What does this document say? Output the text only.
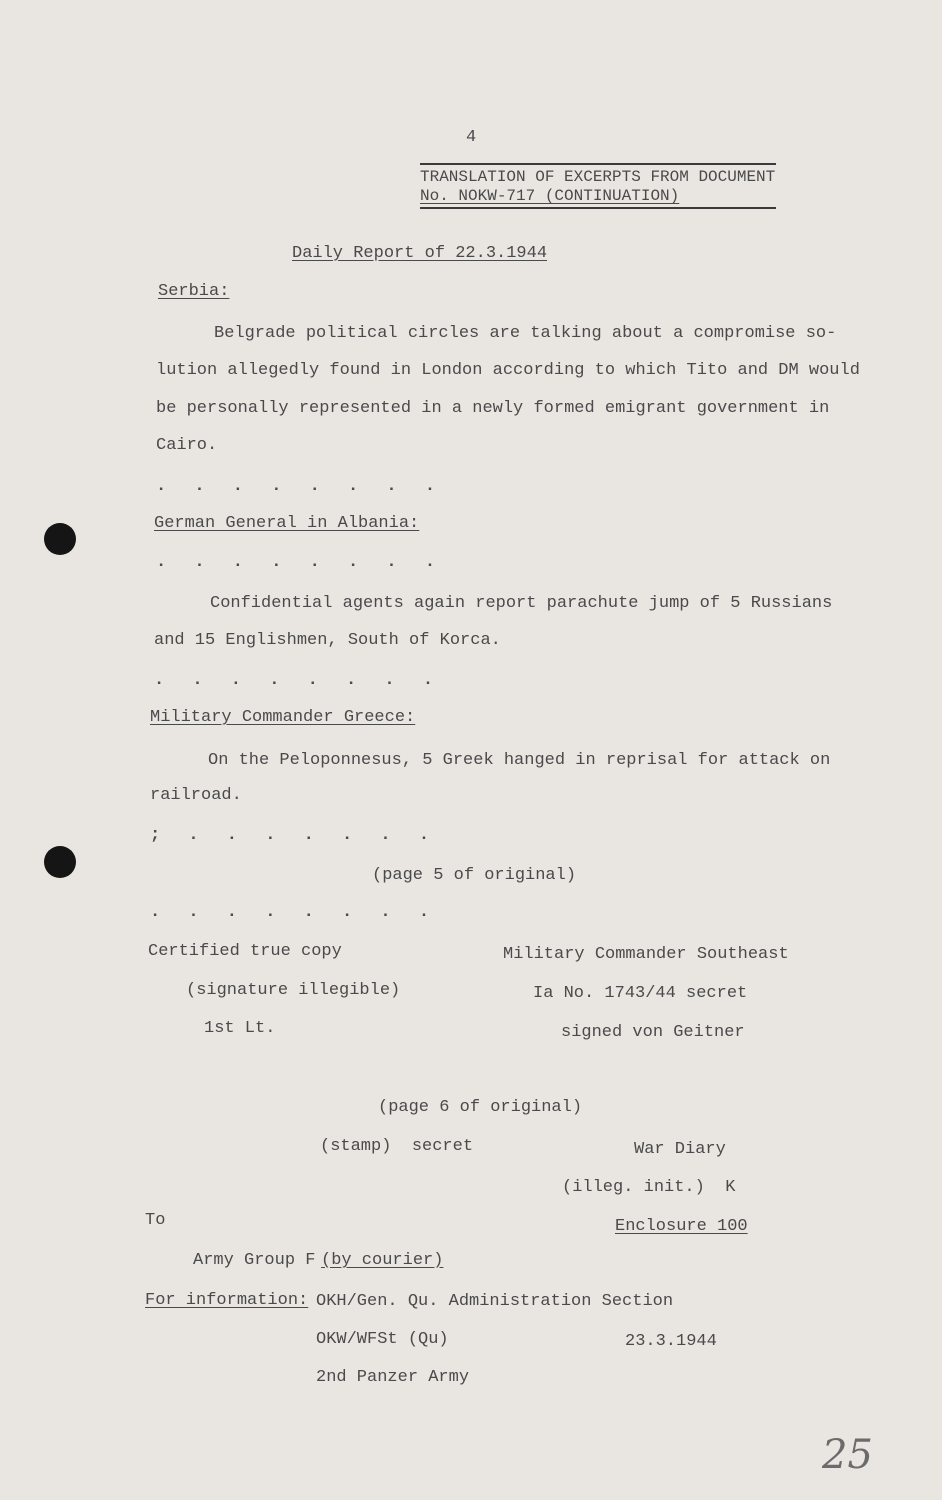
4
TRANSLATION OF EXCERPTS FROM DOCUMENT
No. NOKW-717 (CONTINUATION)
Daily Report of 22.3.1944
Serbia:
Belgrade political circles are talking about a compromise so-
lution allegedly found in London according to which Tito and DM would
be personally represented in a newly formed emigrant government in
Cairo.
. . . . . . . .
German General in Albania:
. . . . . . . .
Confidential agents again report parachute jump of 5 Russians
and 15 Englishmen, South of Korca.
. . . . . . . .
Military Commander Greece:
On the Peloponnesus, 5 Greek hanged in reprisal for attack on
railroad.
; . . . . . . .
(page 5 of original)
. . . . . . . .
Certified true copy
(signature illegible)
1st Lt.
Military Commander Southeast
Ia No. 1743/44 secret
signed von Geitner
(page 6 of original)
(stamp)  secret	War Diary
(illeg. init.)  K
To	Enclosure 100
Army Group F (by courier)
For information: OKH/Gen. Qu. Administration Section
OKW/WFSt (Qu)	23.3.1944
2nd Panzer Army
25
